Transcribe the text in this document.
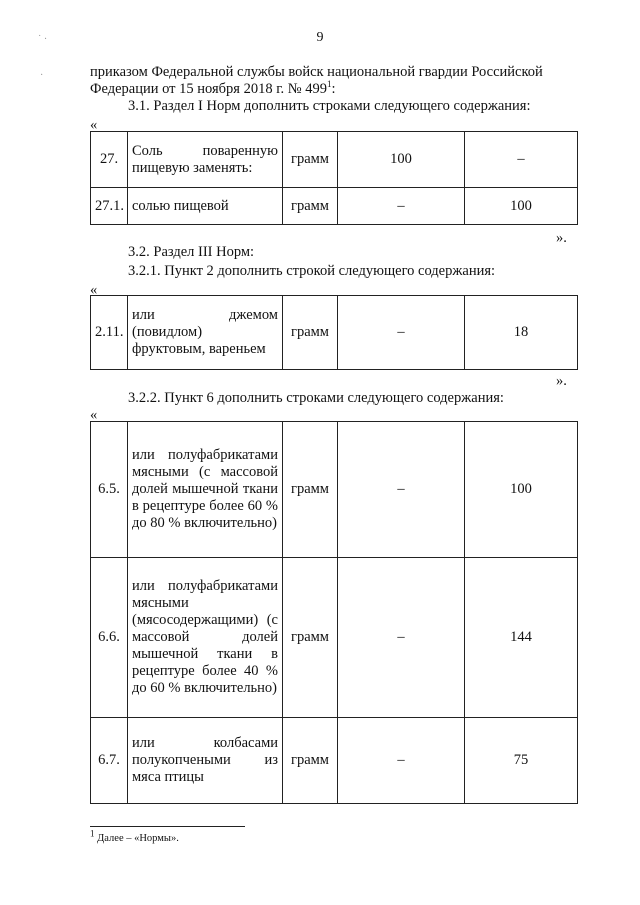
9
˙ ·
·	приказом Федеральной службы войск национальной гвардии Российской
Федерации от 15 ноября 2018 г. № $499^1$:
3.1. Раздел I Норм дополнить строками следующего содержания:
«
27.	Соль поваренную пищевую заменять:	грамм	100	–
27.1.	солью пищевой	грамм	–	100
».
3.2. Раздел III Норм:
3.2.1. Пункт 2 дополнить строкой следующего содержания:
«
2.11.	или джемом (повидлом) фруктовым, вареньем	грамм	–	18
».
3.2.2. Пункт 6 дополнить строками следующего содержания:
«
6.5.	или полуфабрикатами мясными (с массовой долей мышечной ткани в рецептуре более 60 % до 80 % включительно)	грамм	–	100
6.6.	или полуфабрикатами мясными (мясосодержащими) (с массовой долей мышечной ткани в рецептуре более 40 % до 60 % включительно)	грамм	–	144
6.7.	или колбасами полукопчеными из мяса птицы	грамм	–	75
$^1$ Далее – «Нормы».
